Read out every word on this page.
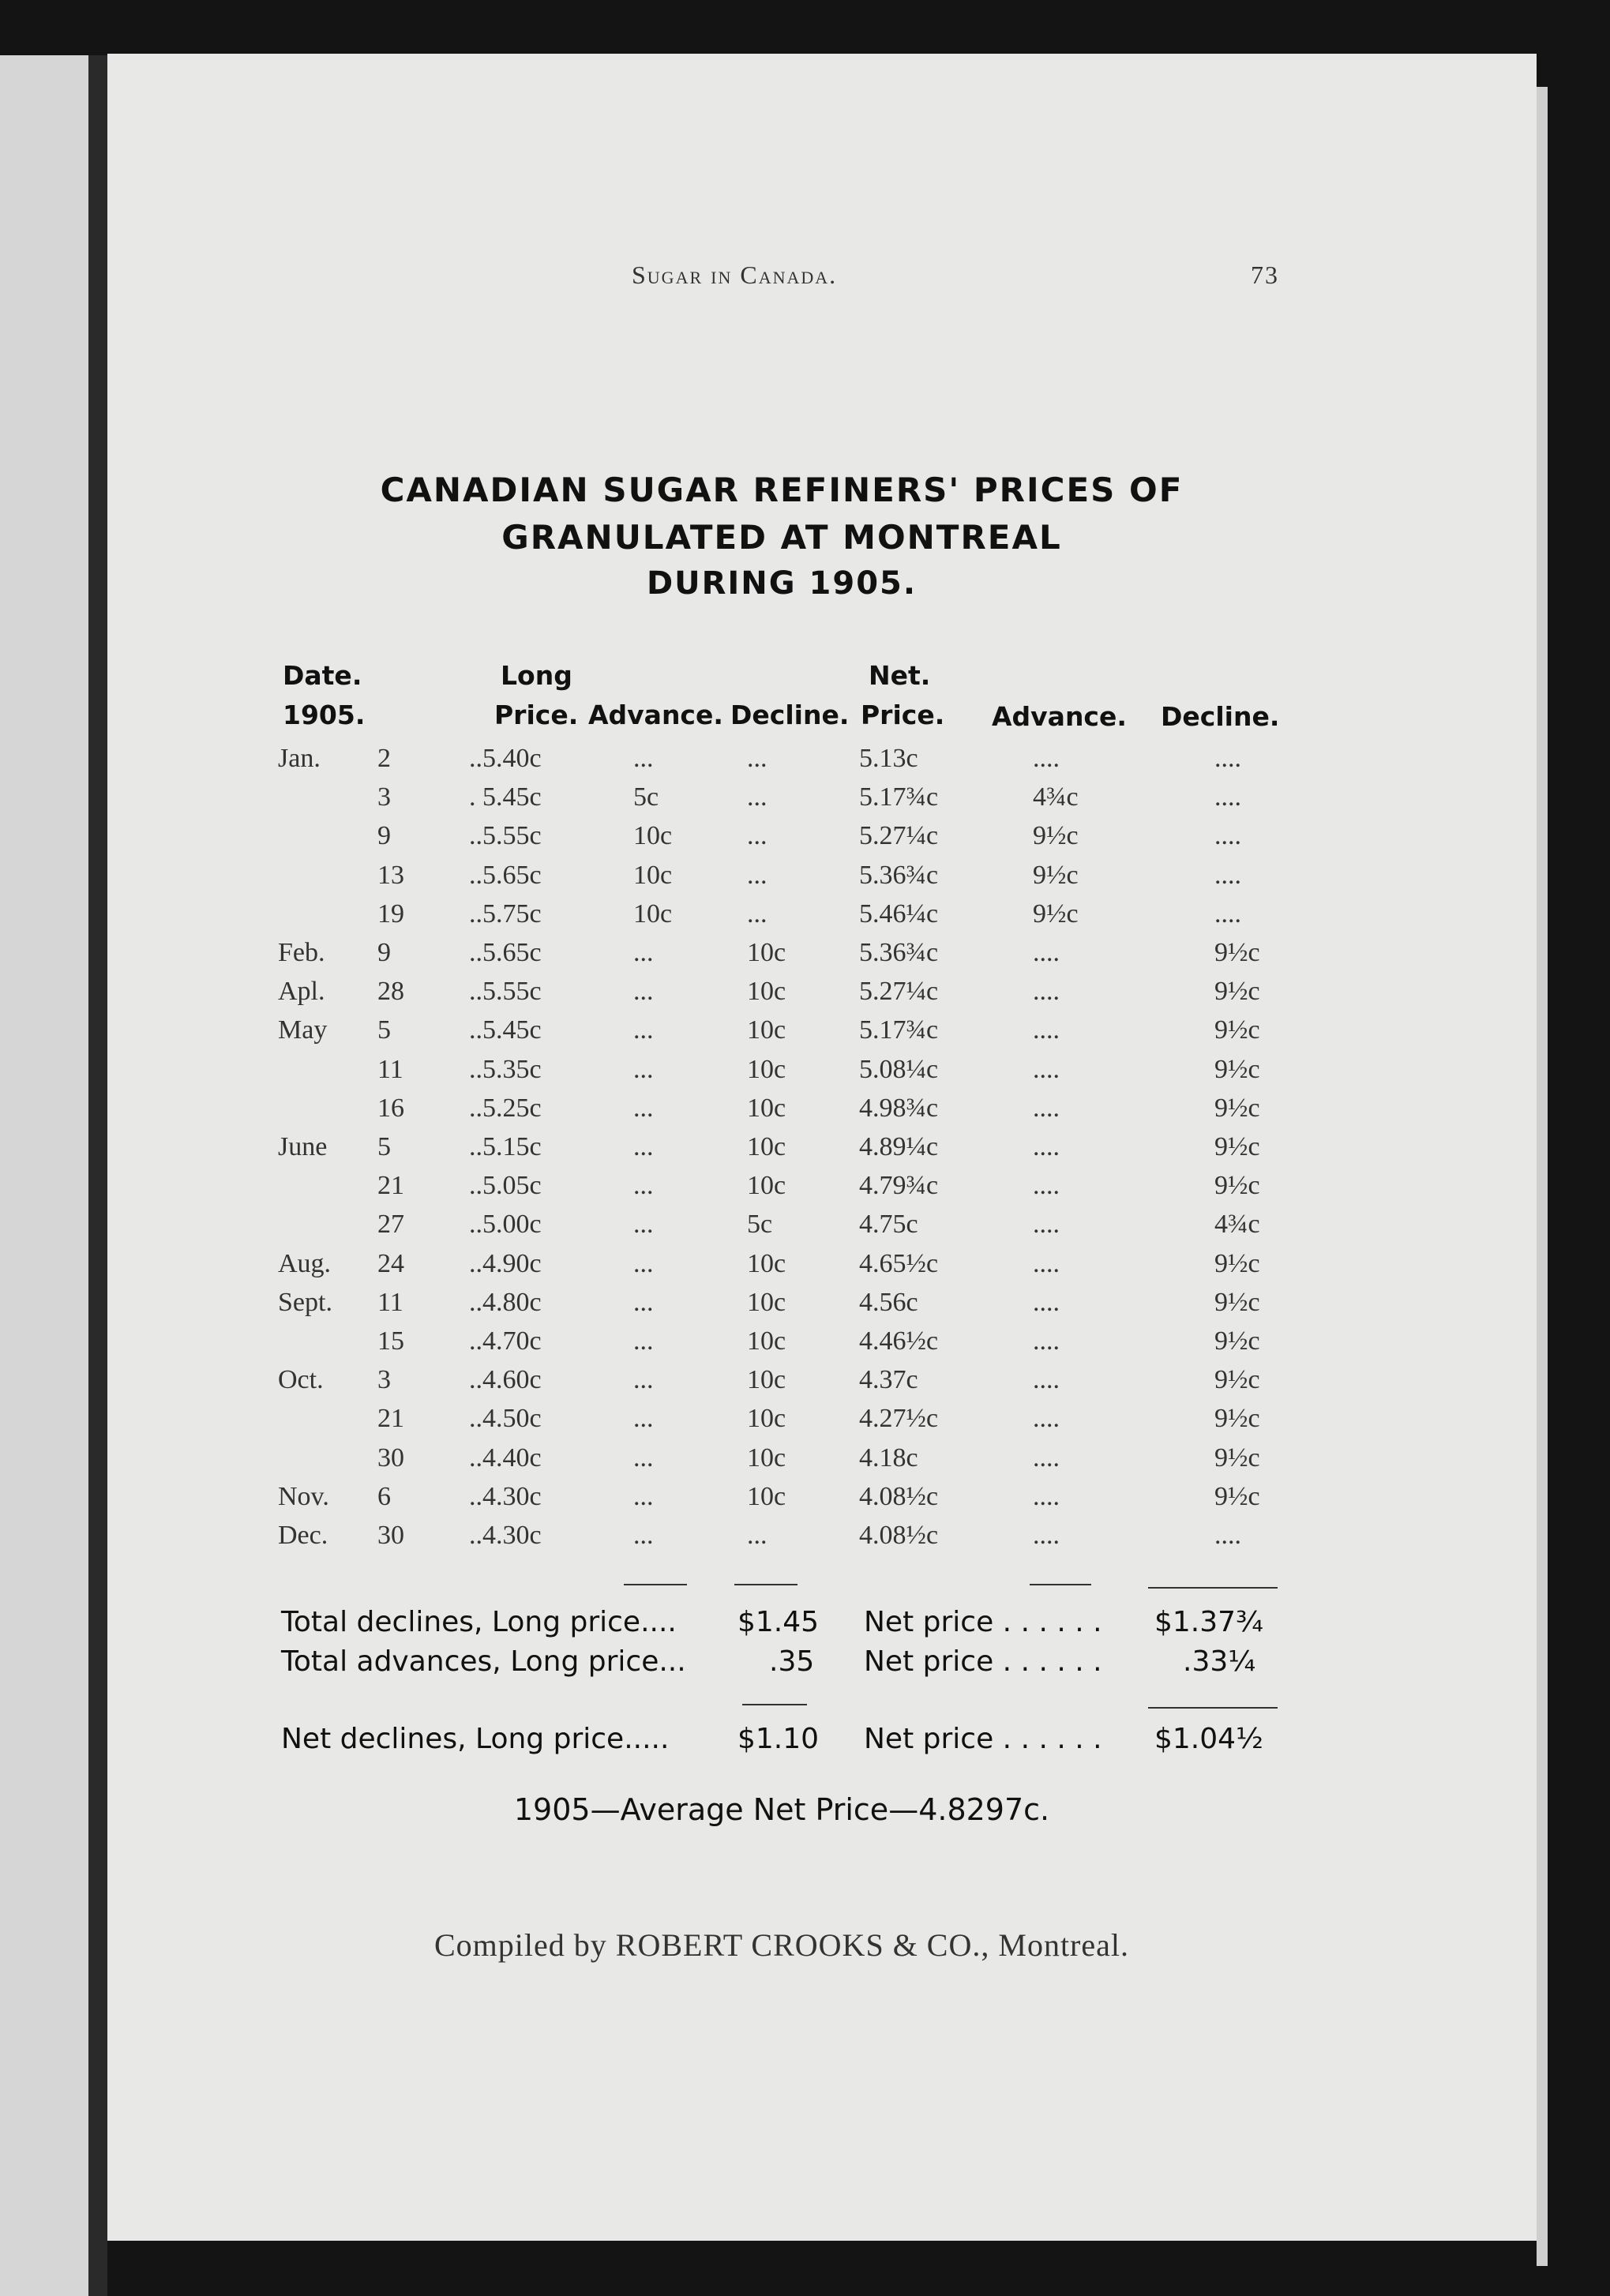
Sugar in Canada.	73
CANADIAN SUGAR REFINERS' PRICES OF
GRANULATED AT MONTREAL
DURING 1905.
Date.
1905.
Long
Price. Advance. Decline.
Net.
Price. Advance. Decline.
Jan. 2	..5.40c	...	...	5.13c	....	....
3	. 5.45c	5c	...	5.17¾c	4¾c	....
9	..5.55c	10c	...	5.27¼c	9½c	....
13 ..5.65c	10c	...	5.36¾c	9½c	....
19 ..5.75c	10c	...	5.46¼c	9½c	....
Feb. 9	..5.65c	...	10c	5.36¾c	....	9½c
Apl. 28 ..5.55c	...	10c	5.27¼c	....	9½c
May 5	..5.45c	...	10c	5.17¾c	....	9½c
11 ..5.35c	...	10c	5.08¼c	....	9½c
16 ..5.25c	...	10c	4.98¾c	....	9½c
June 5	..5.15c	...	10c	4.89¼c	....	9½c
21 ..5.05c	...	10c	4.79¾c	....	9½c
27 ..5.00c	...	5c	4.75c	....	4¾c
Aug. 24 ..4.90c	...	10c	4.65½c	....	9½c
Sept. 11 ..4.80c	...	10c	4.56c	....	9½c
15 ..4.70c	...	10c	4.46½c	....	9½c
Oct. 3	..4.60c	...	10c	4.37c	....	9½c
21 ..4.50c	...	10c	4.27½c	....	9½c
30 ..4.40c	...	10c	4.18c	....	9½c
Nov. 6	..4.30c	...	10c	4.08½c	....	9½c
Dec. 30 ..4.30c	...	...	4.08½c	....	....
Total declines, Long price.... $1.45 Net price . . . . . . $1.37¾
Total advances, Long price...	.35 Net price . . . . . .	.33¼
Net declines, Long price..... $1.10 Net price . . . . . . $1.04½
1905—Average Net Price—4.8297c.
Compiled by ROBERT CROOKS & CO., Montreal.
